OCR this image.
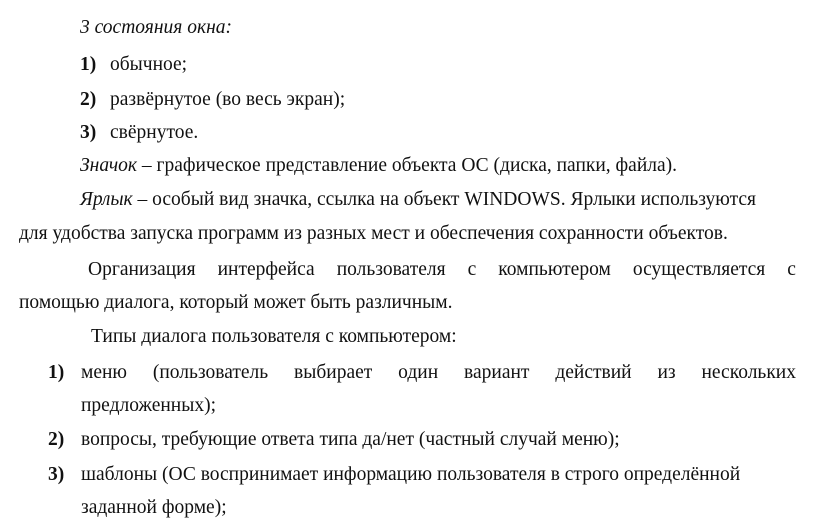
3 состояния окна:
1) обычное;
2) развёрнутое (во весь экран);
3) свёрнутое.
Значок – графическое представление объекта ОС (диска, папки, файла).
Ярлык – особый вид значка, ссылка на объект WINDOWS. Ярлыки используются
для удобства запуска программ из разных мест и обеспечения сохранности объектов.
Организация интерфейса пользователя с компьютером осуществляется с
помощью диалога, который может быть различным.
Типы диалога пользователя с компьютером:
1) меню (пользователь выбирает один вариант действий из нескольких
предложенных);
2) вопросы, требующие ответа типа да/нет (частный случай меню);
3) шаблоны (ОС воспринимает информацию пользователя в строго определённой
заданной форме);
